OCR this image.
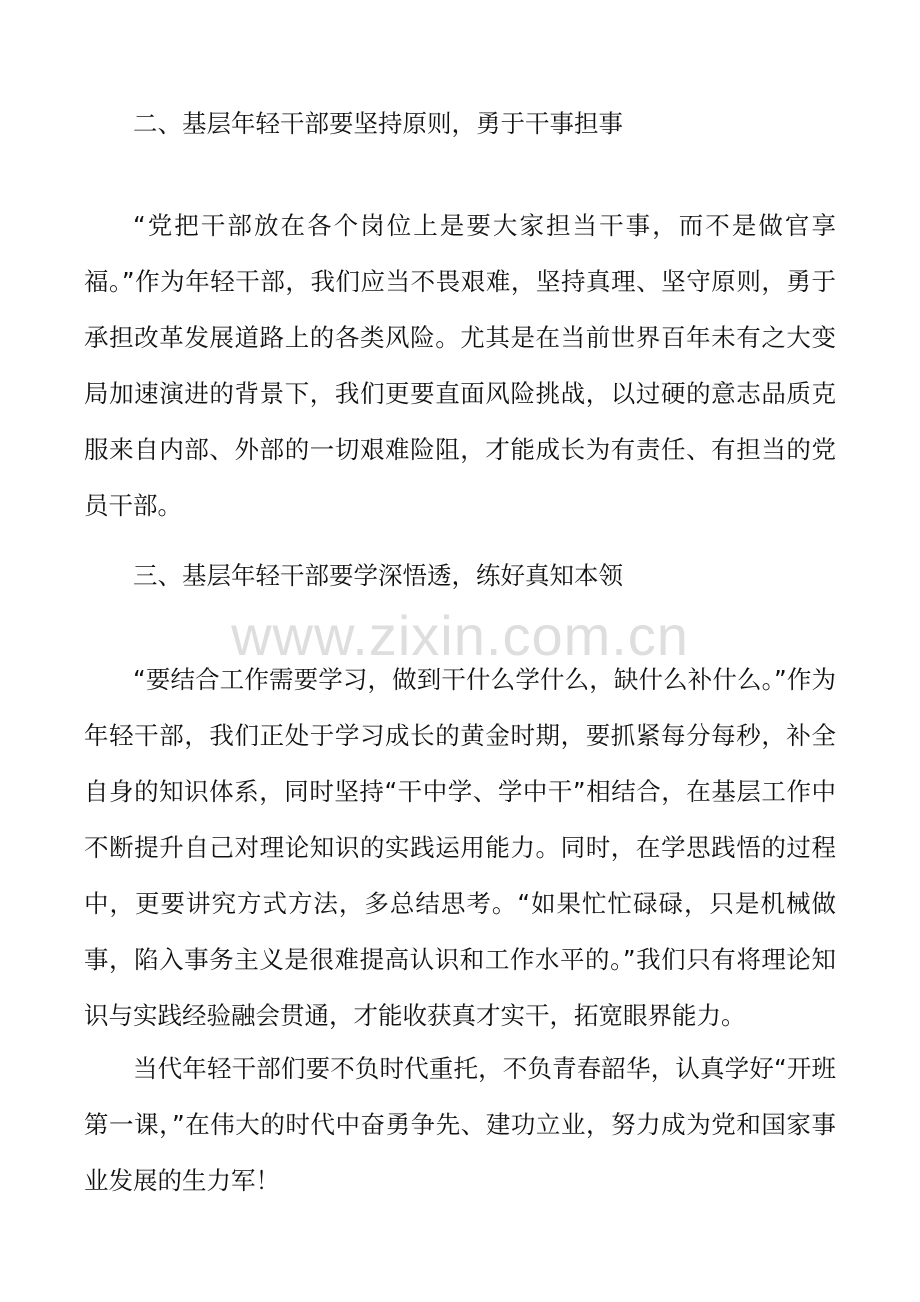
二、基层年轻干部要坚持原则，勇于干事担事

“党把干部放在各个岗位上是要大家担当干事，而不是做官享福。”作为年轻干部，我们应当不畏艰难，坚持真理、坚守原则，勇于承担改革发展道路上的各类风险。尤其是在当前世界百年未有之大变局加速演进的背景下，我们更要直面风险挑战，以过硬的意志品质克服来自内部、外部的一切艰难险阻，才能成长为有责任、有担当的党员干部。

三、基层年轻干部要学深悟透，练好真知本领

“要结合工作需要学习，做到干什么学什么，缺什么补什么。”作为年轻干部，我们正处于学习成长的黄金时期，要抓紧每分每秒，补全自身的知识体系，同时坚持“干中学、学中干”相结合，在基层工作中不断提升自己对理论知识的实践运用能力。同时，在学思践悟的过程中，更要讲究方式方法，多总结思考。“如果忙忙碌碌，只是机械做事，陷入事务主义是很难提高认识和工作水平的。”我们只有将理论知识与实践经验融会贯通，才能收获真才实干，拓宽眼界能力。

当代年轻干部们要不负时代重托，不负青春韶华，认真学好“开班第一课，”在伟大的时代中奋勇争先、建功立业，努力成为党和国家事业发展的生力军！

www.zixin.com.cn
